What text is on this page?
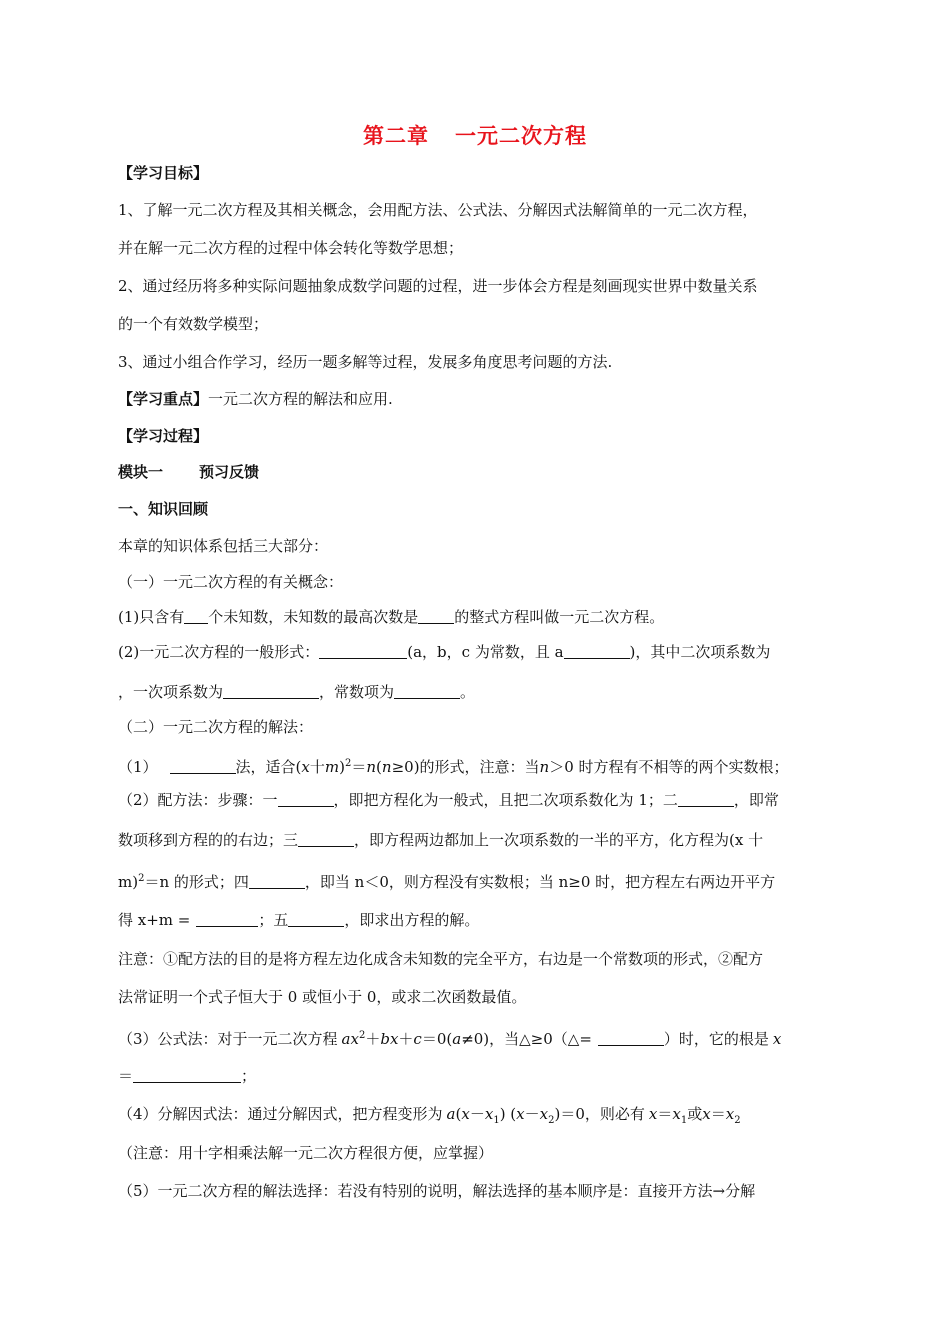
第二章 一元二次方程
【学习目标】
1、了解一元二次方程及其相关概念，会用配方法、公式法、分解因式法解简单的一元二次方程，
并在解一元二次方程的过程中体会转化等数学思想；
2、通过经历将多种实际问题抽象成数学问题的过程，进一步体会方程是刻画现实世界中数量关系
的一个有效数学模型；
3、通过小组合作学习，经历一题多解等过程，发展多角度思考问题的方法.
【学习重点】一元二次方程的解法和应用.
【学习过程】
模块一 预习反馈
一、知识回顾
本章的知识体系包括三大部分：
（一）一元二次方程的有关概念：
(1)只含有 个未知数，未知数的最高次数是 的整式方程叫做一元二次方程。
(2)一元二次方程的一般形式：	(a，b，c 为常数，且 a	)，其中二次项系数为
，一次项系数为	，常数项为	。
（二）一元二次方程的解法：
（1）	法，适合(x十m)$^2$＝n(n≥0)的形式，注意：当n＞0 时方程有不相等的两个实数根；
（2）配方法：步骤：一	，即把方程化为一般式，且把二次项系数化为 1；二	，即常
数项移到方程的的右边；三	，即方程两边都加上一次项系数的一半的平方，化方程为(x 十
m)$^2$＝n 的形式；四	，即当 n＜0，则方程没有实数根；当 n≥0 时，把方程左右两边开平方
得 x+m =	；五	，即求出方程的解。
注意：①配方法的目的是将方程左边化成含未知数的完全平方，右边是一个常数项的形式，②配方
法常证明一个式子恒大于 0 或恒小于 0，或求二次函数最值。
（3）公式法：对于一元二次方程 $ax^2+bx+c=0(a\ne 0)$，当△≥0（△=	）时，它的根是 x
＝	；
（4）分解因式法：通过分解因式，把方程变形为 $a(x-x_1)$ $(x-x_2)=0$，则必有 $x=x_1$或$x=x_2$
（注意：用十字相乘法解一元二次方程很方便，应掌握）
（5）一元二次方程的解法选择：若没有特别的说明，解法选择的基本顺序是：直接开方法→分解
